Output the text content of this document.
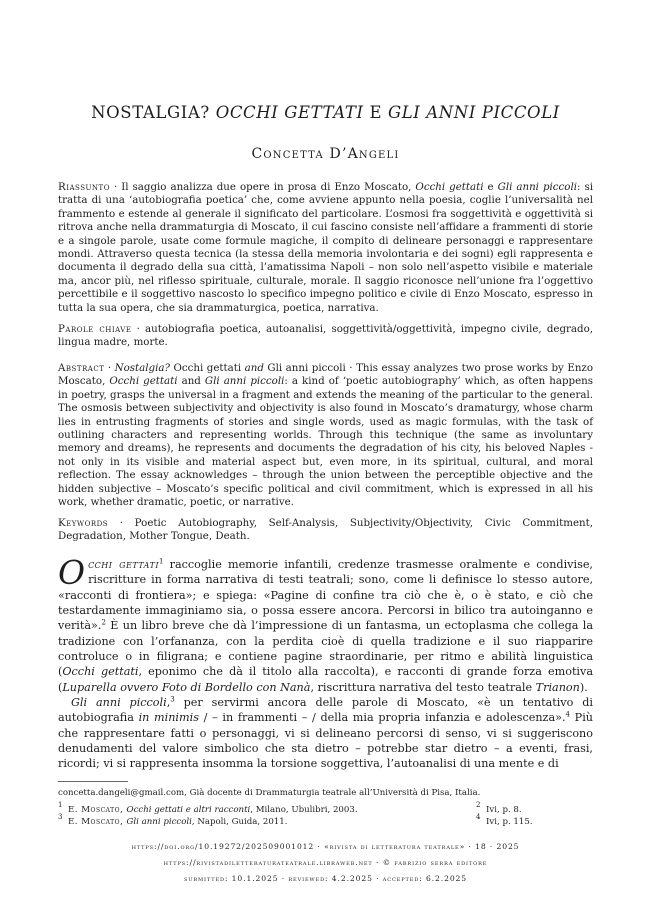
NOSTALGIA? OCCHI GETTATI E GLI ANNI PICCOLI
Concetta D’Angeli
Riassunto · Il saggio analizza due opere in prosa di Enzo Moscato, Occhi gettati e Gli anni piccoli: si tratta di una ‘autobiografia poetica’ che, come avviene appunto nella poesia, coglie l’universalità nel frammento e estende al generale il significato del particolare. L’osmosi fra soggettività e oggettività si ritrova anche nella drammaturgia di Moscato, il cui fascino consiste nell’affidare a frammenti di storie e a singole parole, usate come formule magiche, il compito di delineare personaggi e rappresentare mondi. Attraverso questa tecnica (la stessa della memoria involontaria e dei sogni) egli rappresenta e documenta il degrado della sua città, l’amatissima Napoli – non solo nell’aspetto visibile e materiale ma, ancor più, nel riflesso spirituale, culturale, morale. Il saggio riconosce nell’unione fra l’oggettivo percettibile e il soggettivo nascosto lo specifico impegno politico e civile di Enzo Moscato, espresso in tutta la sua opera, che sia drammaturgica, poetica, narrativa.
Parole chiave · autobiografia poetica, autoanalisi, soggettività/oggettività, impegno civile, degrado, lingua madre, morte.
Abstract · Nostalgia? Occhi gettati and Gli anni piccoli · This essay analyzes two prose works by Enzo Moscato, Occhi gettati and Gli anni piccoli: a kind of ‘poetic autobiography’ which, as often happens in poetry, grasps the universal in a fragment and extends the meaning of the particular to the general. The osmosis between subjectivity and objectivity is also found in Moscato’s dramaturgy, whose charm lies in entrusting fragments of stories and single words, used as magic formulas, with the task of outlining characters and representing worlds. Through this technique (the same as involuntary memory and dreams), he represents and documents the degradation of his city, his beloved Naples - not only in its visible and material aspect but, even more, in its spiritual, cultural, and moral reflection. The essay acknowledges – through the union between the perceptible objective and the hidden subjective – Moscato’s specific political and civil commitment, which is expressed in all his work, whether dramatic, poetic, or narrative.
Keywords · Poetic Autobiography, Self-Analysis, Subjectivity/Objectivity, Civic Commitment, Degradation, Mother Tongue, Death.

Occhi gettati$^1$ raccoglie memorie infantili, credenze trasmesse oralmente e condivise, riscritture in forma narrativa di testi teatrali; sono, come li definisce lo stesso autore, «racconti di frontiera»; e spiega: «Pagine di confine tra ciò che è, o è stato, e ciò che testardamente immaginiamo sia, o possa essere ancora. Percorsi in bilico tra autoinganno e verità».$^2$ È un libro breve che dà l’impressione di un fantasma, un ectoplasma che collega la tradizione con l’orfananza, con la perdita cioè di quella tradizione e il suo riapparire controluce o in filigrana; e contiene pagine straordinarie, per ritmo e abilità linguistica (Occhi gettati, eponimo che dà il titolo alla raccolta), e racconti di grande forza emotiva (Luparella ovvero Foto di Bordello con Nanà, riscrittura narrativa del testo teatrale Trianon).

Gli anni piccoli,$^3$ per servirmi ancora delle parole di Moscato, «è un tentativo di autobiografia in minimis / – in frammenti – / della mia propria infanzia e adolescenza».$^4$ Più che rappresentare fatti o personaggi, vi si delineano percorsi di senso, vi si suggeriscono denudamenti del valore simbolico che sta dietro – potrebbe star dietro – a eventi, frasi, ricordi; vi si rappresenta insomma la torsione soggettiva, l’autoanalisi di una mente e di

concetta.dangeli@gmail.com, Già docente di Drammaturgia teatrale all’Università di Pisa, Italia.
1 E. Moscato, Occhi gettati e altri racconti, Milano, Ubulibri, 2003.	2 Ivi, p. 8.
3 E. Moscato, Gli anni piccoli, Napoli, Guida, 2011.	4 Ivi, p. 115.
https://doi.org/10.19272/202509001012 · «rivista di letteratura teatrale» · 18 · 2025
https://rivistadiletteraturateatrale.libraweb.net · © fabrizio serra editore
submitted: 10.1.2025 · reviewed: 4.2.2025 · accepted: 6.2.2025
